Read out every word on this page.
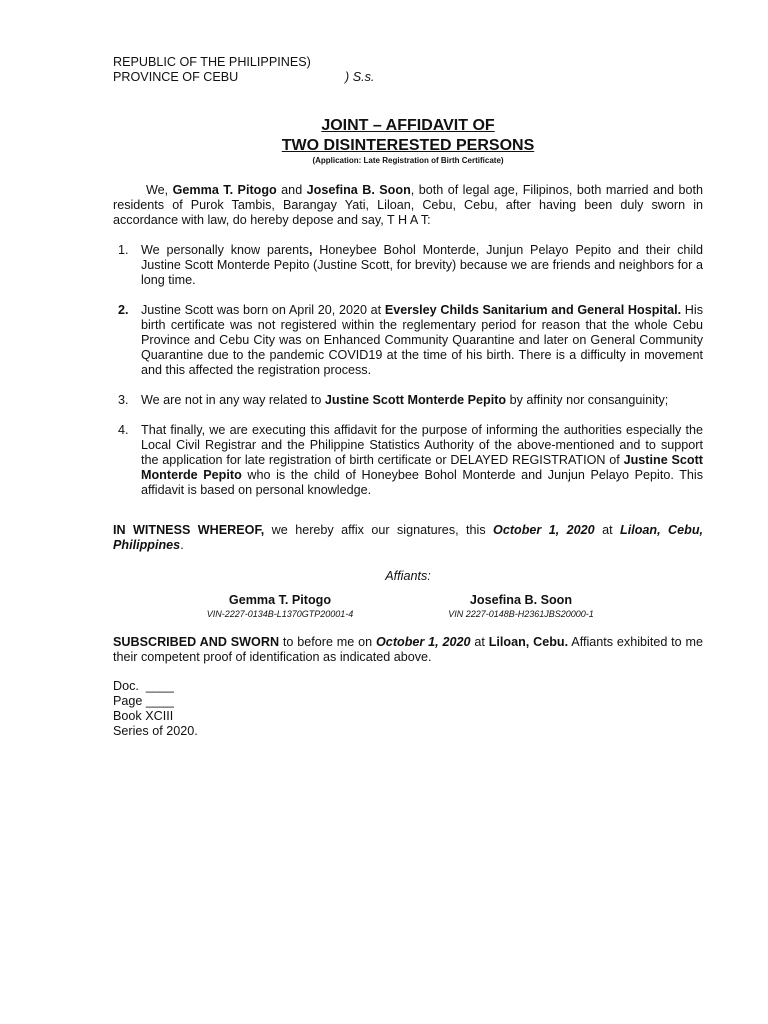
REPUBLIC OF THE PHILIPPINES)
PROVINCE OF CEBU	) S.s.
JOINT – AFFIDAVIT OF
TWO DISINTERESTED PERSONS
(Application: Late Registration of Birth Certificate)
We, Gemma T. Pitogo and Josefina B. Soon, both of legal age, Filipinos, both married and both residents of Purok Tambis, Barangay Yati, Liloan, Cebu, Cebu, after having been duly sworn in accordance with law, do hereby depose and say, T H A T:
1. We personally know parents, Honeybee Bohol Monterde, Junjun Pelayo Pepito and their child Justine Scott Monterde Pepito (Justine Scott, for brevity) because we are friends and neighbors for a long time.
2. Justine Scott was born on April 20, 2020 at Eversley Childs Sanitarium and General Hospital. His birth certificate was not registered within the reglementary period for reason that the whole Cebu Province and Cebu City was on Enhanced Community Quarantine and later on General Community Quarantine due to the pandemic COVID19 at the time of his birth. There is a difficulty in movement and this affected the registration process.
3. We are not in any way related to Justine Scott Monterde Pepito by affinity nor consanguinity;
4. That finally, we are executing this affidavit for the purpose of informing the authorities especially the Local Civil Registrar and the Philippine Statistics Authority of the above-mentioned and to support the application for late registration of birth certificate or DELAYED REGISTRATION of Justine Scott Monterde Pepito who is the child of Honeybee Bohol Monterde and Junjun Pelayo Pepito. This affidavit is based on personal knowledge.
IN WITNESS WHEREOF, we hereby affix our signatures, this October 1, 2020 at Liloan, Cebu, Philippines.
Affiants:
Gemma T. Pitogo
VIN-2227-0134B-L1370GTP20001-4
Josefina B. Soon
VIN 2227-0148B-H2361JBS20000-1
SUBSCRIBED AND SWORN to before me on October 1, 2020 at Liloan, Cebu. Affiants exhibited to me their competent proof of identification as indicated above.
Doc.  ____
Page ____
Book XCIII
Series of 2020.
